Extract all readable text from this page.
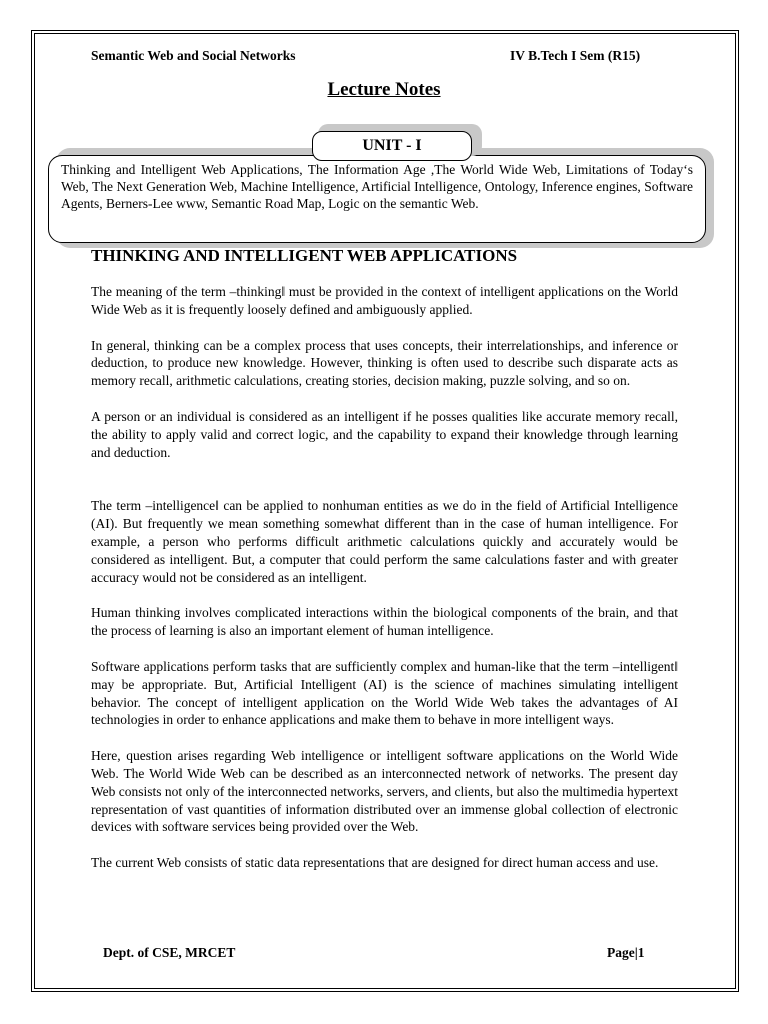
Semantic Web and Social Networks	IV B.Tech I Sem (R15)
Lecture Notes
Thinking and Intelligent Web Applications, The Information Age ,The World Wide Web, Limitations of Today‘s Web, The Next Generation Web, Machine Intelligence, Artificial Intelligence, Ontology, Inference engines, Software Agents, Berners-Lee www, Semantic Road Map, Logic on the semantic Web.
UNIT - I
THINKING AND INTELLIGENT WEB APPLICATIONS

The meaning of the term –thinking‖ must be provided in the context of intelligent applications on the World Wide Web as it is frequently loosely defined and ambiguously applied.

In general, thinking can be a complex process that uses concepts, their interrelationships, and inference or deduction, to produce new knowledge. However, thinking is often used to describe such disparate acts as memory recall, arithmetic calculations, creating stories, decision making, puzzle solving, and so on.

A person or an individual is considered as an intelligent if he posses qualities like accurate memory recall, the ability to apply valid and correct logic, and the capability to expand their knowledge through learning and deduction.

The term –intelligence‖ can be applied to nonhuman entities as we do in the field of Artificial Intelligence (AI). But frequently we mean something somewhat different than in the case of human intelligence. For example, a person who performs difficult arithmetic calculations quickly and accurately would be considered as intelligent. But, a computer that could perform the same calculations faster and with greater accuracy would not be considered as an intelligent.

Human thinking involves complicated interactions within the biological components of the brain, and that the process of learning is also an important element of human intelligence.

Software applications perform tasks that are sufficiently complex and human-like that the term –intelligent‖ may be appropriate. But, Artificial Intelligent (AI) is the science of machines simulating intelligent behavior. The concept of intelligent application on the World Wide Web takes the advantages of AI technologies in order to enhance applications and make them to behave in more intelligent ways.

Here, question arises regarding Web intelligence or intelligent software applications on the World Wide Web. The World Wide Web can be described as an interconnected network of networks. The present day Web consists not only of the interconnected networks, servers, and clients, but also the multimedia hypertext representation of vast quantities of information distributed over an immense global collection of electronic devices with software services being provided over the Web.

The current Web consists of static data representations that are designed for direct human access and use.

Dept. of CSE, MRCET	Page|1
